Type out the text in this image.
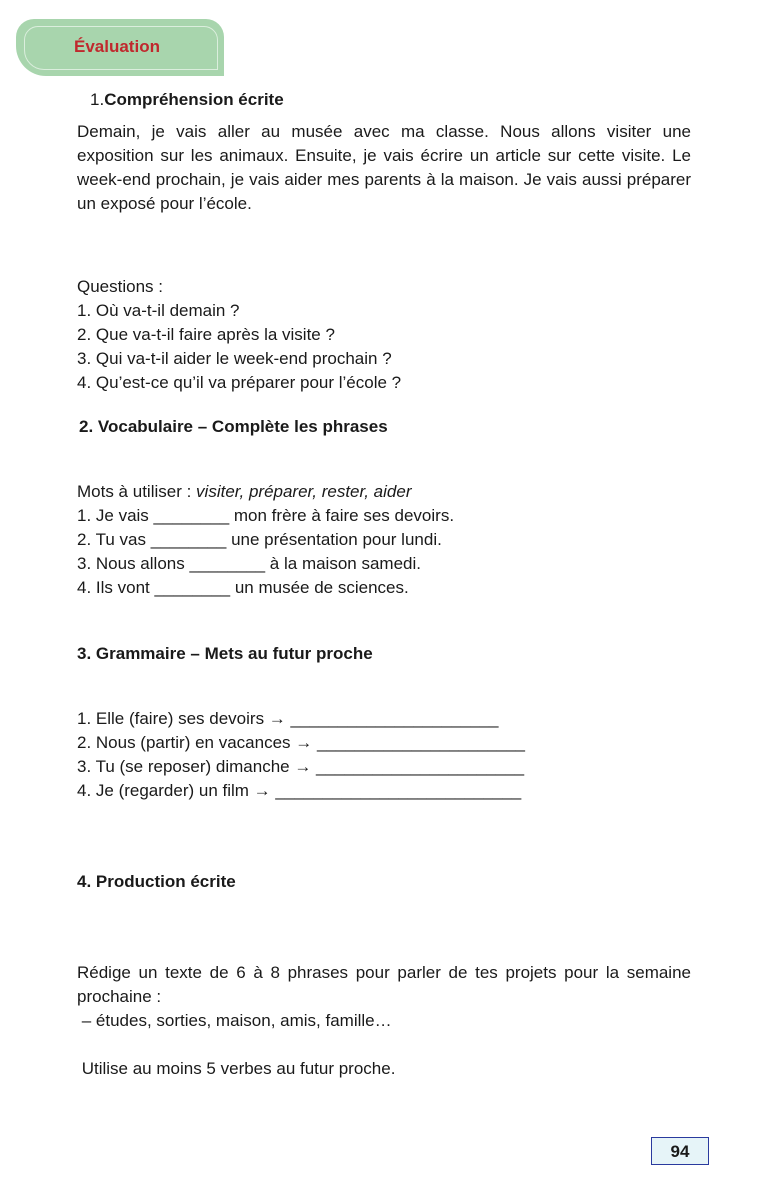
Évaluation
1.Compréhension écrite

Demain, je vais aller au musée avec ma classe. Nous allons visiter une exposition sur les animaux. Ensuite, je vais écrire un article sur cette visite. Le week-end prochain, je vais aider mes parents à la maison. Je vais aussi préparer un exposé pour l’école.

Questions :

1. Où va-t-il demain ?

2. Que va-t-il faire après la visite ?

3. Qui va-t-il aider le week-end prochain ?

4. Qu’est-ce qu’il va préparer pour l’école ?

2. Vocabulaire – Complète les phrases

Mots à utiliser : visiter, préparer, rester, aider

1. Je vais ________ mon frère à faire ses devoirs.

2. Tu vas ________ une présentation pour lundi.

3. Nous allons ________ à la maison samedi.

4. Ils vont ________ un musée de sciences.

3. Grammaire – Mets au futur proche

1. Elle (faire) ses devoirs → ______________________

2. Nous (partir) en vacances → ______________________

3. Tu (se reposer) dimanche → ______________________

4. Je (regarder) un film → __________________________

4. Production écrite

Rédige un texte de 6 à 8 phrases pour parler de tes projets pour la semaine prochaine :

– études, sorties, maison, amis, famille…

Utilise au moins 5 verbes au futur proche.

94
